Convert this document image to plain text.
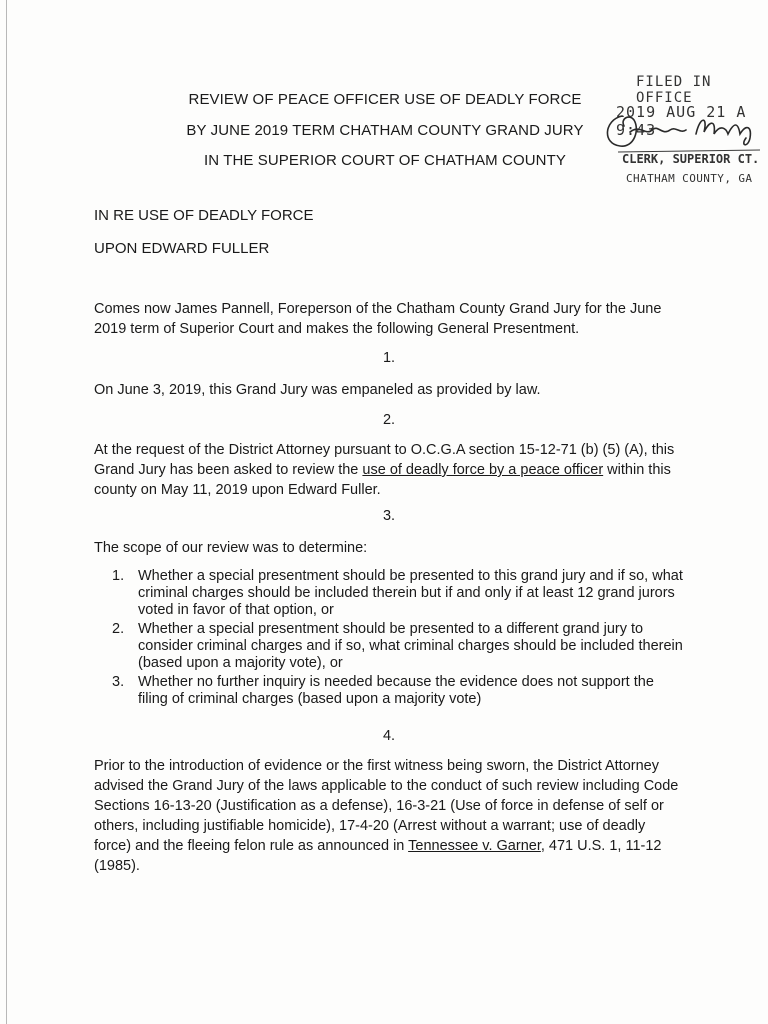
REVIEW OF PEACE OFFICER USE OF DEADLY FORCE
BY JUNE 2019 TERM CHATHAM COUNTY GRAND JURY
IN THE SUPERIOR COURT OF CHATHAM COUNTY
FILED IN OFFICE
2019 AUG 21 A 9:43
CLERK, SUPERIOR CT.
CHATHAM COUNTY, GA
IN RE USE OF DEADLY FORCE
UPON EDWARD FULLER
Comes now James Pannell, Foreperson of the Chatham County Grand Jury for the June 2019 term of Superior Court and makes the following General Presentment.
1.
On June 3, 2019, this Grand Jury was empaneled as provided by law.
2.
At the request of the District Attorney pursuant to O.C.G.A section 15-12-71 (b) (5) (A), this Grand Jury has been asked to review the use of deadly force by a peace officer within this county on May 11, 2019 upon Edward Fuller.
3.
The scope of our review was to determine:
1. Whether a special presentment should be presented to this grand jury and if so, what criminal charges should be included therein but if and only if at least 12 grand jurors voted in favor of that option, or
2. Whether a special presentment should be presented to a different grand jury to consider criminal charges and if so, what criminal charges should be included therein (based upon a majority vote), or
3. Whether no further inquiry is needed because the evidence does not support the filing of criminal charges (based upon a majority vote)
4.
Prior to the introduction of evidence or the first witness being sworn, the District Attorney advised the Grand Jury of the laws applicable to the conduct of such review including Code Sections 16-13-20 (Justification as a defense), 16-3-21 (Use of force in defense of self or others, including justifiable homicide), 17-4-20 (Arrest without a warrant; use of deadly force) and the fleeing felon rule as announced in Tennessee v. Garner, 471 U.S. 1, 11-12 (1985).
